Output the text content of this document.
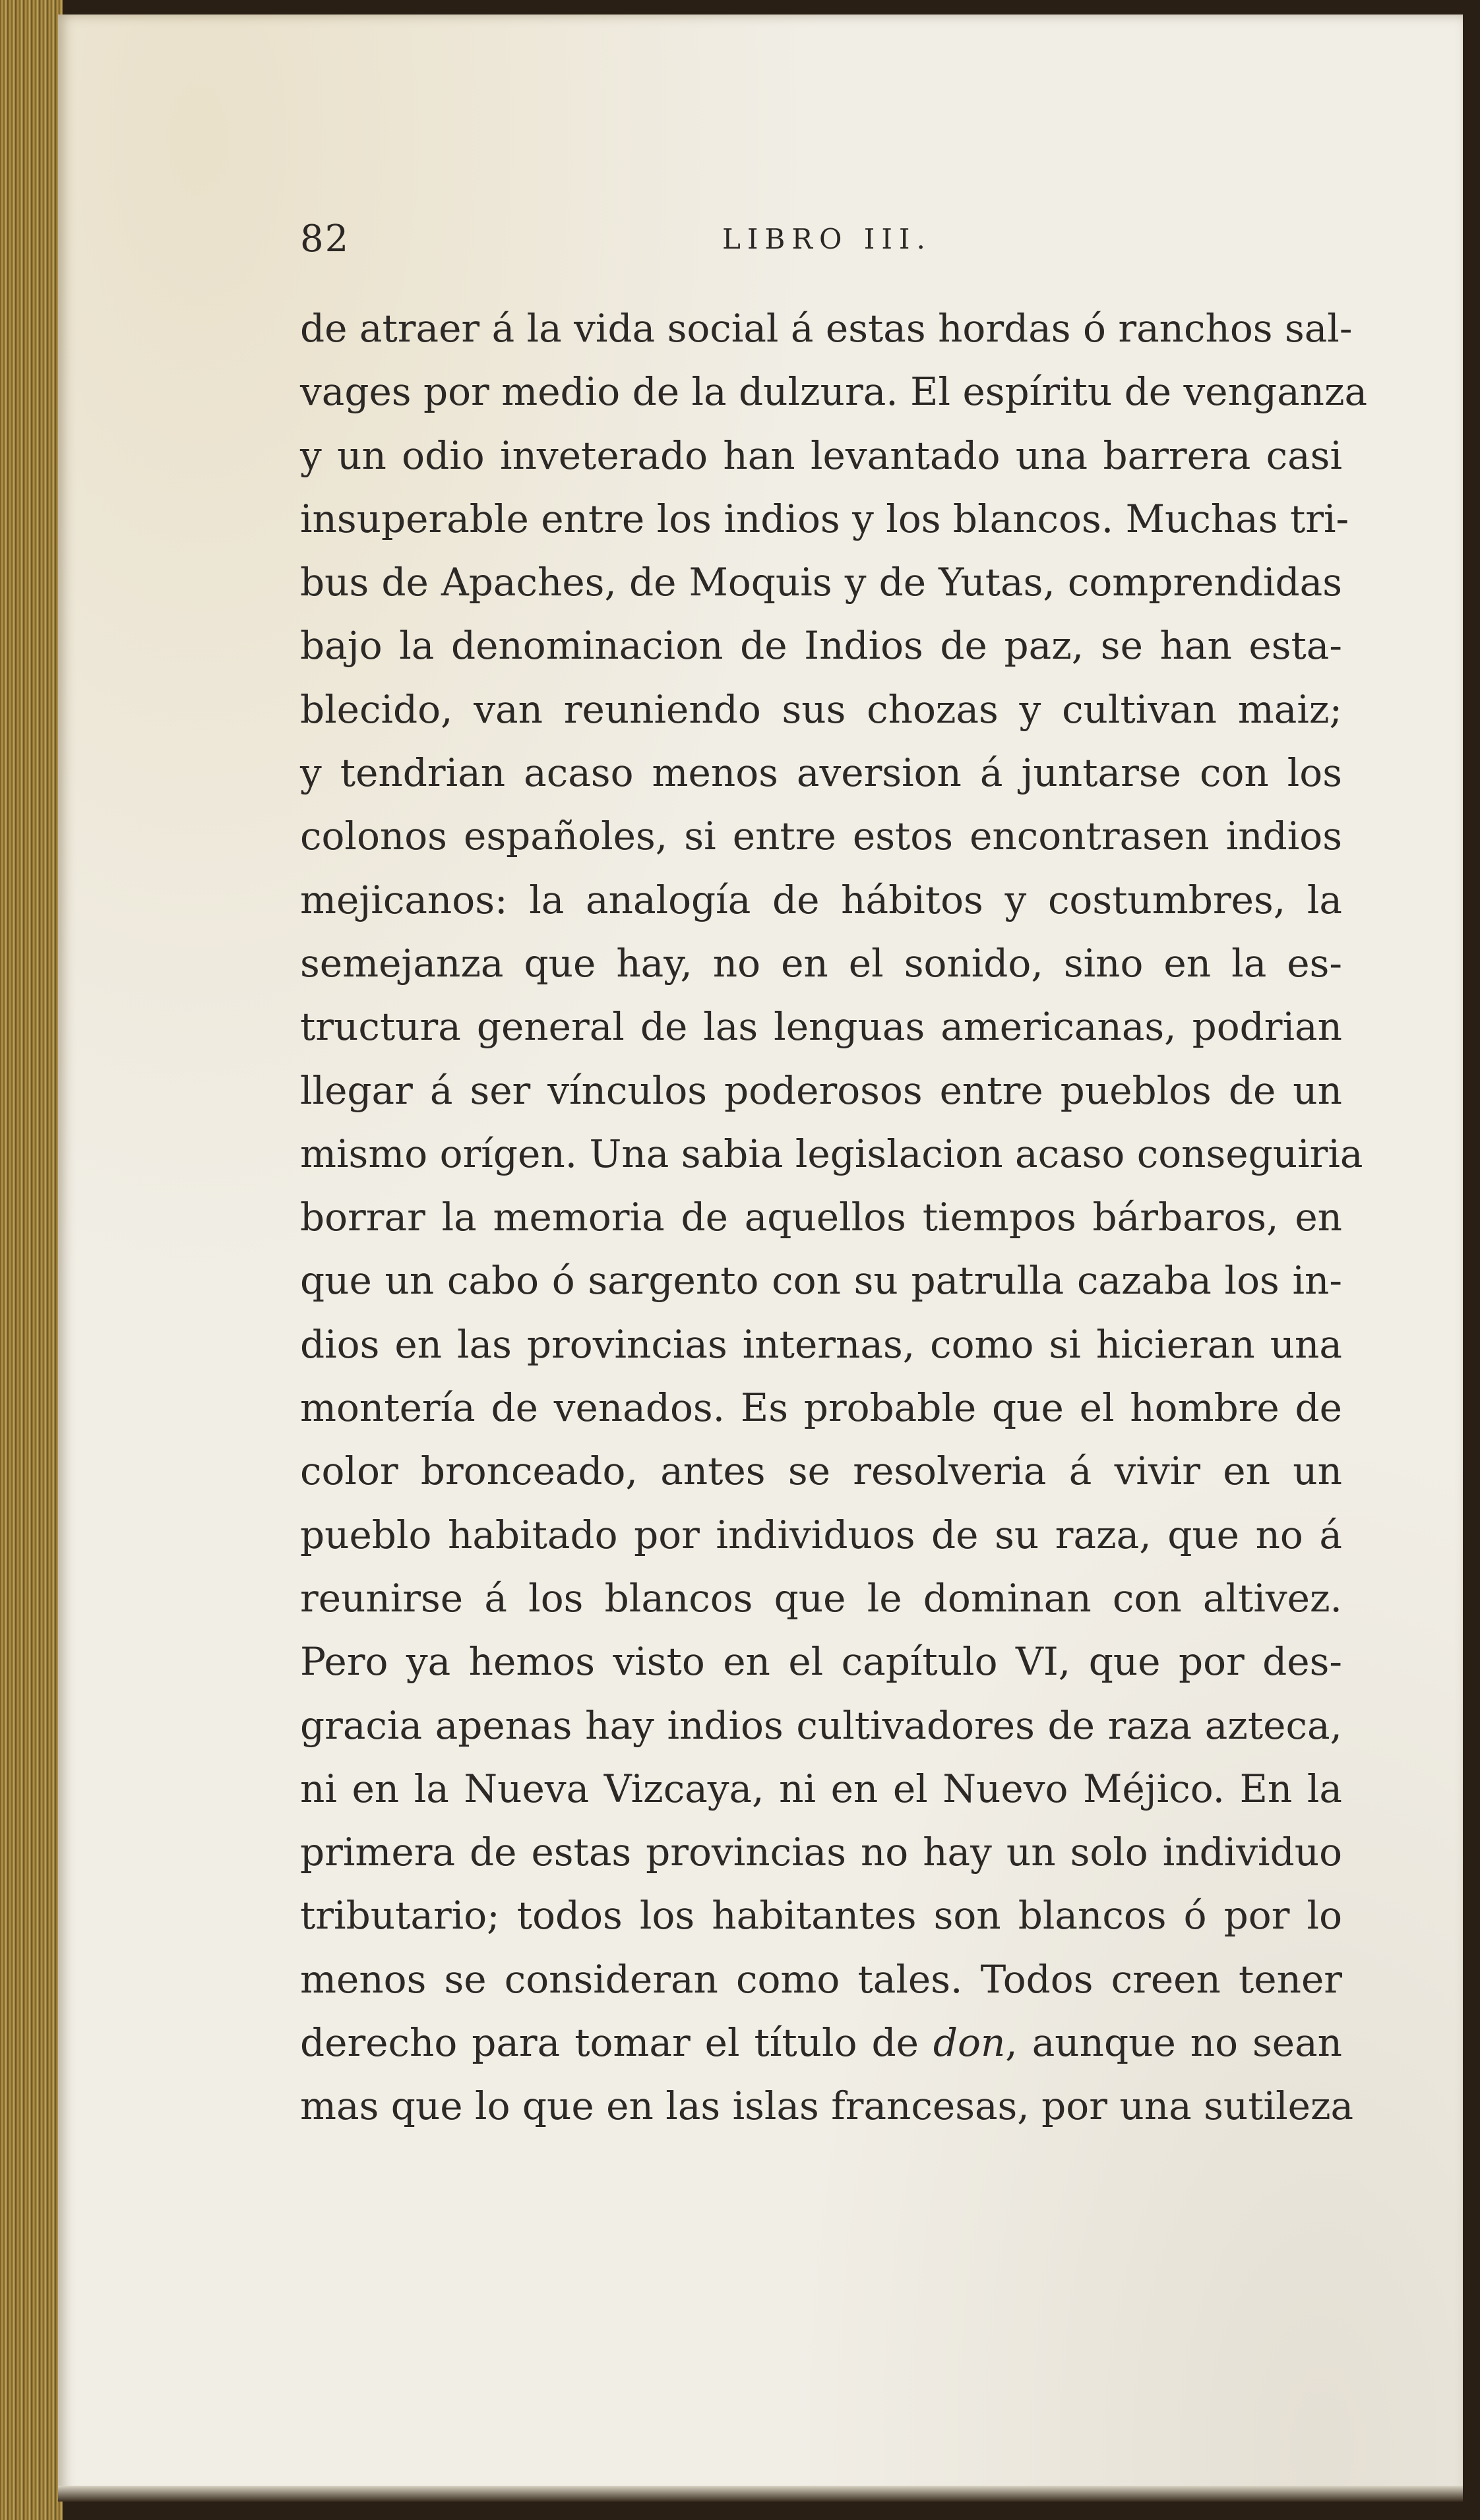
82	LIBRO III.
de atraer á la vida social á estas hordas ó ranchos sal-
vages por medio de la dulzura. El espíritu de venganza
y un odio inveterado han levantado una barrera casi
insuperable entre los indios y los blancos. Muchas tri-
bus de Apaches, de Moquis y de Yutas, comprendidas
bajo la denominacion de Indios de paz, se han esta-
blecido, van reuniendo sus chozas y cultivan maiz;
y tendrian acaso menos aversion á juntarse con los
colonos españoles, si entre estos encontrasen indios
mejicanos: la analogía de hábitos y costumbres, la
semejanza que hay, no en el sonido, sino en la es-
tructura general de las lenguas americanas, podrian
llegar á ser vínculos poderosos entre pueblos de un
mismo orígen. Una sabia legislacion acaso conseguiria
borrar la memoria de aquellos tiempos bárbaros, en
que un cabo ó sargento con su patrulla cazaba los in-
dios en las provincias internas, como si hicieran una
montería de venados. Es probable que el hombre de
color bronceado, antes se resolveria á vivir en un
pueblo habitado por individuos de su raza, que no á
reunirse á los blancos que le dominan con altivez.
Pero ya hemos visto en el capítulo VI, que por des-
gracia apenas hay indios cultivadores de raza azteca,
ni en la Nueva Vizcaya, ni en el Nuevo Méjico. En la
primera de estas provincias no hay un solo individuo
tributario; todos los habitantes son blancos ó por lo
menos se consideran como tales. Todos creen tener
derecho para tomar el título de don, aunque no sean
mas que lo que en las islas francesas, por una sutileza
